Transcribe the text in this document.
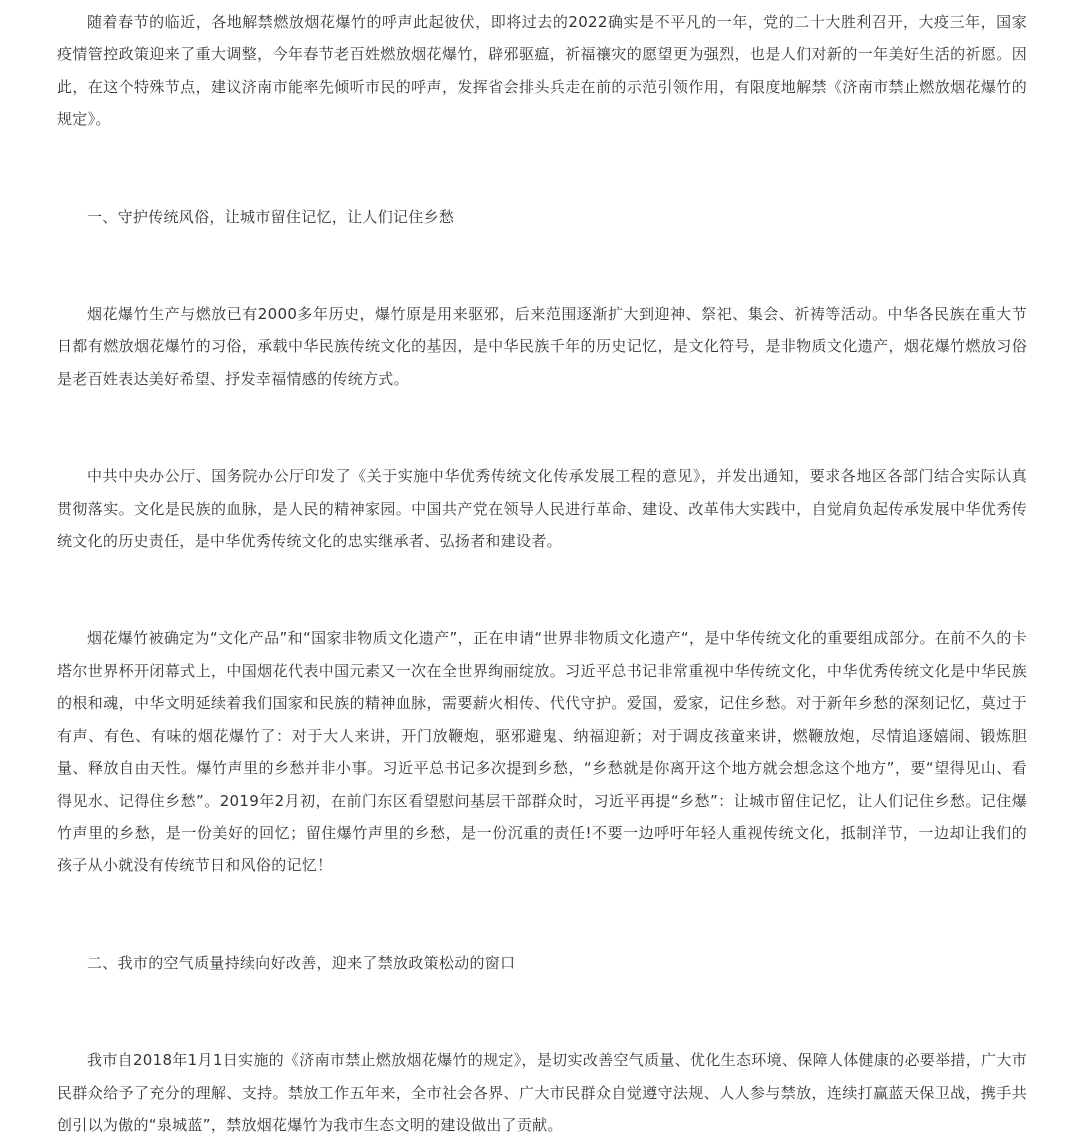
随着春节的临近，各地解禁燃放烟花爆竹的呼声此起彼伏，即将过去的2022确实是不平凡的一年，党的二十大胜利召开，大疫三年，国家疫情管控政策迎来了重大调整，今年春节老百姓燃放烟花爆竹，辟邪驱瘟，祈福禳灾的愿望更为强烈，也是人们对新的一年美好生活的祈愿。因此，在这个特殊节点，建议济南市能率先倾听市民的呼声，发挥省会排头兵走在前的示范引领作用，有限度地解禁《济南市禁止燃放烟花爆竹的规定》。

一、守护传统风俗，让城市留住记忆，让人们记住乡愁

烟花爆竹生产与燃放已有2000多年历史，爆竹原是用来驱邪，后来范围逐渐扩大到迎神、祭祀、集会、祈祷等活动。中华各民族在重大节日都有燃放烟花爆竹的习俗，承载中华民族传统文化的基因，是中华民族千年的历史记忆，是文化符号，是非物质文化遗产，烟花爆竹燃放习俗是老百姓表达美好希望、抒发幸福情感的传统方式。

中共中央办公厅、国务院办公厅印发了《关于实施中华优秀传统文化传承发展工程的意见》，并发出通知，要求各地区各部门结合实际认真贯彻落实。文化是民族的血脉，是人民的精神家园。中国共产党在领导人民进行革命、建设、改革伟大实践中，自觉肩负起传承发展中华优秀传统文化的历史责任，是中华优秀传统文化的忠实继承者、弘扬者和建设者。

烟花爆竹被确定为“文化产品”和“国家非物质文化遗产”，正在申请“世界非物质文化遗产“，是中华传统文化的重要组成部分。在前不久的卡塔尔世界杯开闭幕式上，中国烟花代表中国元素又一次在全世界绚丽绽放。习近平总书记非常重视中华传统文化，中华优秀传统文化是中华民族的根和魂，中华文明延续着我们国家和民族的精神血脉，需要薪火相传、代代守护。爱国，爱家，记住乡愁。对于新年乡愁的深刻记忆，莫过于有声、有色、有味的烟花爆竹了：对于大人来讲，开门放鞭炮，驱邪避鬼、纳福迎新；对于调皮孩童来讲，燃鞭放炮，尽情追逐嬉闹、锻炼胆量、释放自由天性。爆竹声里的乡愁并非小事。习近平总书记多次提到乡愁，“乡愁就是你离开这个地方就会想念这个地方”，要“望得见山、看得见水、记得住乡愁”。2019年2月初，在前门东区看望慰问基层干部群众时，习近平再提“乡愁”：让城市留住记忆，让人们记住乡愁。记住爆竹声里的乡愁，是一份美好的回忆；留住爆竹声里的乡愁，是一份沉重的责任!不要一边呼吁年轻人重视传统文化，抵制洋节，一边却让我们的孩子从小就没有传统节日和风俗的记忆！

二、我市的空气质量持续向好改善，迎来了禁放政策松动的窗口

我市自2018年1月1日实施的《济南市禁止燃放烟花爆竹的规定》，是切实改善空气质量、优化生态环境、保障人体健康的必要举措，广大市民群众给予了充分的理解、支持。禁放工作五年来，全市社会各界、广大市民群众自觉遵守法规、人人参与禁放，连续打赢蓝天保卫战，携手共创引以为傲的“泉城蓝”，禁放烟花爆竹为我市生态文明的建设做出了贡献。
